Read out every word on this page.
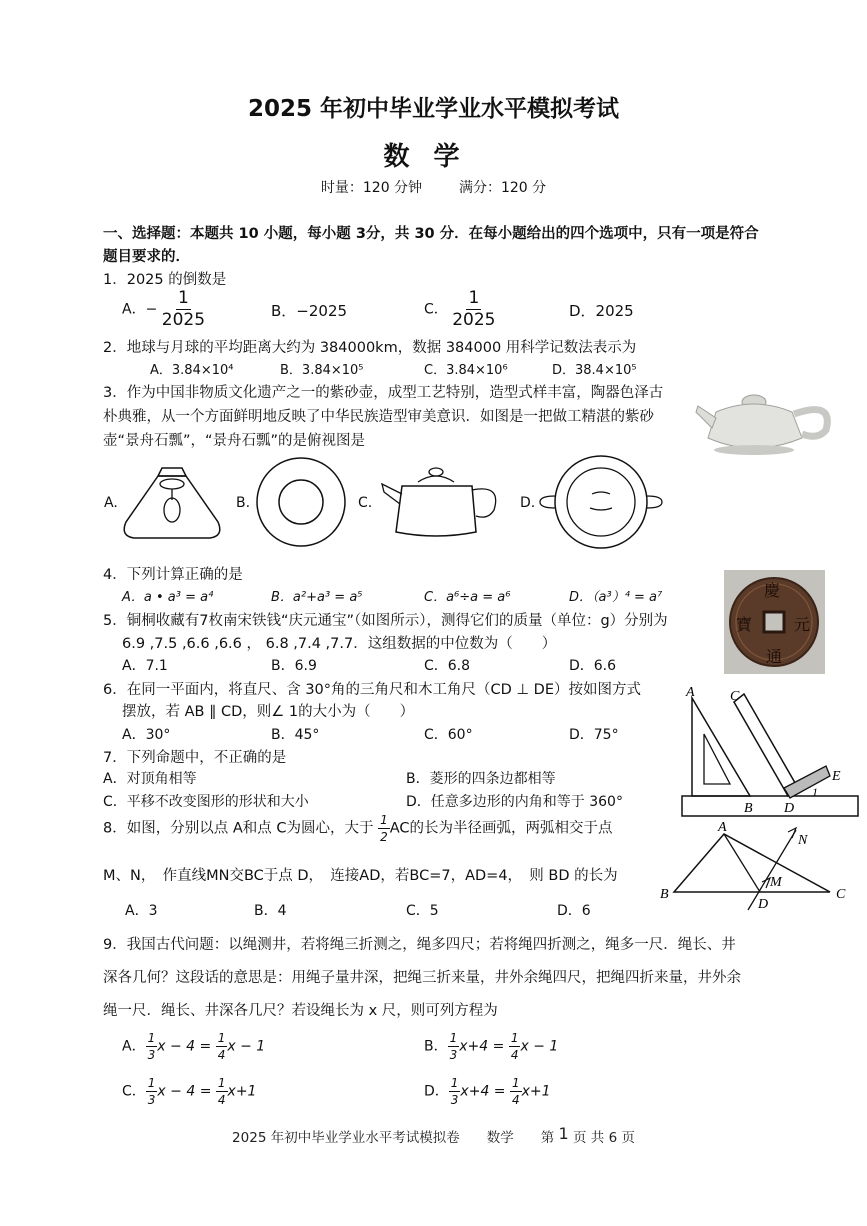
2025 年初中毕业学业水平模拟考试
数学
时量：120 分钟	满分：120 分
一、选择题：本题共 10 小题，每小题 3分，共 30 分．在每小题给出的四个选项中，只有一项是符合
题目要求的．
1．2025 的倒数是
A．− $\frac{1}{2025}$	B．−2025	C． $\frac{1}{2025}$	D．2025
2．地球与月球的平均距离大约为 384000km，数据 384000 用科学记数法表示为
A．3.84×10⁴	B．3.84×10⁵	C．3.84×10⁶	D．38.4×10⁵
3．作为中国非物质文化遗产之一的紫砂壶，成型工艺特别，造型式样丰富，陶器色泽古
朴典雅，从一个方面鲜明地反映了中华民族造型审美意识．如图是一把做工精湛的紫砂
壶“景舟石瓢”，“景舟石瓢”的是俯视图是
A.	B.	C.	D.
4．下列计算正确的是
A．a • a³ = a⁴	B．a²+a³ = a⁵	C．a⁶÷a = a⁶	D．（a³）⁴ = a⁷	慶
元
通
寶
5．铜桐收藏有7枚南宋铁钱“庆元通宝”（如图所示），测得它们的质量（单位：g）分别为
6.9 ,7.5 ,6.6 ,6.6 ， 6.8 ,7.4 ,7.7．这组数据的中位数为（　　）
A．7.1	B．6.9	C．6.8	D．6.6
6．在同一平面内，将直尺、含 30°角的三角尺和木工角尺（CD ⊥ DE）按如图方式
摆放，若 AB ∥ CD，则∠ 1的大小为（　　）
A．30°	B．45°	C．60°	D．75°
A	C
E
B D
1
7．下列命题中，不正确的是
A．对顶角相等	B．菱形的四条边都相等
C．平移不改变图形的形状和大小	D．任意多边形的内角和等于 360°
8．如图，分别以点 A和点 C为圆心，大于 $\frac{1}{2}$ AC的长为半径画弧，两弧相交于点
M、N，　作直线MN交BC于点 D，　连接AD，若BC=7，AD=4，　则 BD 的长为
A．3	B．4	C．5	D．6
A
N
M
B
D
C
9．我国古代问题：以绳测井，若将绳三折测之，绳多四尺；若将绳四折测之，绳多一尺．绳长、井
深各几何？这段话的意思是：用绳子量井深，把绳三折来量，井外余绳四尺，把绳四折来量，井外余
绳一尺．绳长、井深各几尺？若设绳长为 x 尺，则可列方程为
A． $\frac{1}{3}$ $x - 4 = \frac{1}{4}$ x − 1	B． $\frac{1}{3} x+4 = \frac{1}{4}$ x − 1
C． $\frac{1}{3}$ $x - 4 = \frac{1}{4} x+1$	D． $\frac{1}{3} x+4 = \frac{1}{4} x+1$
2025 年初中毕业学业水平考试模拟卷　　数学　　第 1 页 共 6 页
